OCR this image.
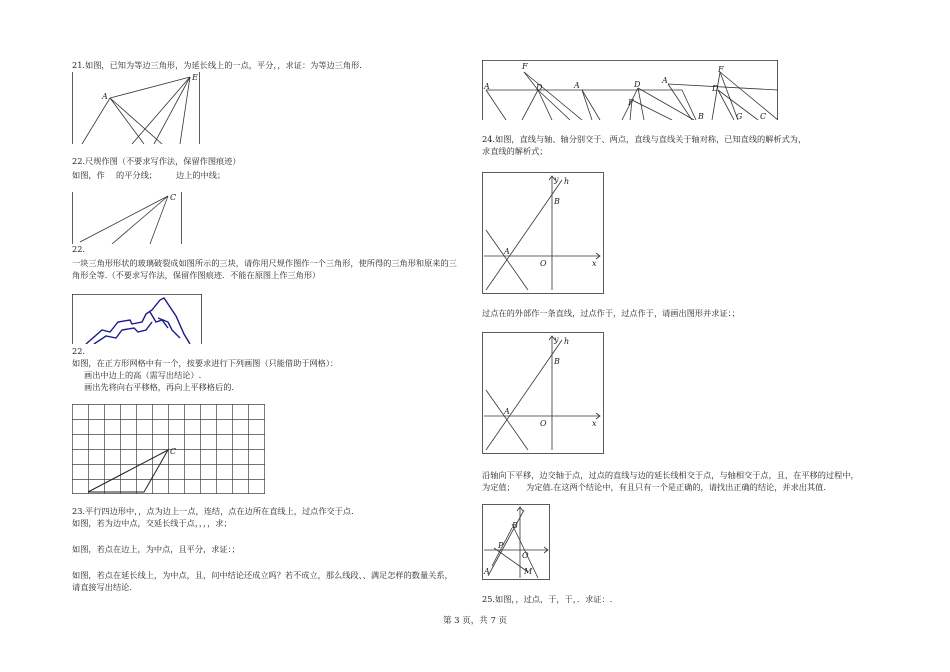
21.如图，已知为等边三角形，为延长线上的一点，平分，，求证：为等边三角形.
A
E
22.尺规作图（不要求写作法，保留作图痕迹）
如图，作 的平分线； 边上的中线；
C
22.
一块三角形形状的玻璃破裂成如图所示的三块，请你用尺规作图作一个三角形，使所得的三角形和原来的三
角形全等.（不要求写作法，保留作图痕迹．不能在原图上作三角形）
22.
如图，在正方形网格中有一个，按要求进行下列画图（只能借助于网格）：
画出中边上的高（需写出结论）.
画出先将向右平移格，再向上平移格后的.
C
23.平行四边形中，，点为边上一点，连结，点在边所在直线上，过点作交于点.
如图，若为边中点，交延长线于点，，，，求；
如图，若点在边上，为中点，且平分，求证：；
如图，若点在延长线上，为中点，且，问中结论还成立吗？若不成立，那么线段、、满足怎样的数量关系，
请直接写出结论.
F
A	D	A	D
F
A
F
D
B	G C
24.如图，直线与轴、轴分别交于、两点，直线与直线关于轴对称，已知直线的解析式为，
求直线的解析式；
y h
B
A
O	x
过点在的外部作一条直线，过点作于，过点作于，请画出图形并求证：；
y h
B
A
O	x
沿轴向下平移，边交轴于点，过点的直线与边的延长线相交于点，与轴相交于点，且，在平移的过程中，
为定值； 为定值.在这两个结论中，有且只有一个是正确的，请找出正确的结论，并求出其值.
B
P
O
A	M
25.如图，，过点，于，于，．求证：.
第 3 页，共 7 页
